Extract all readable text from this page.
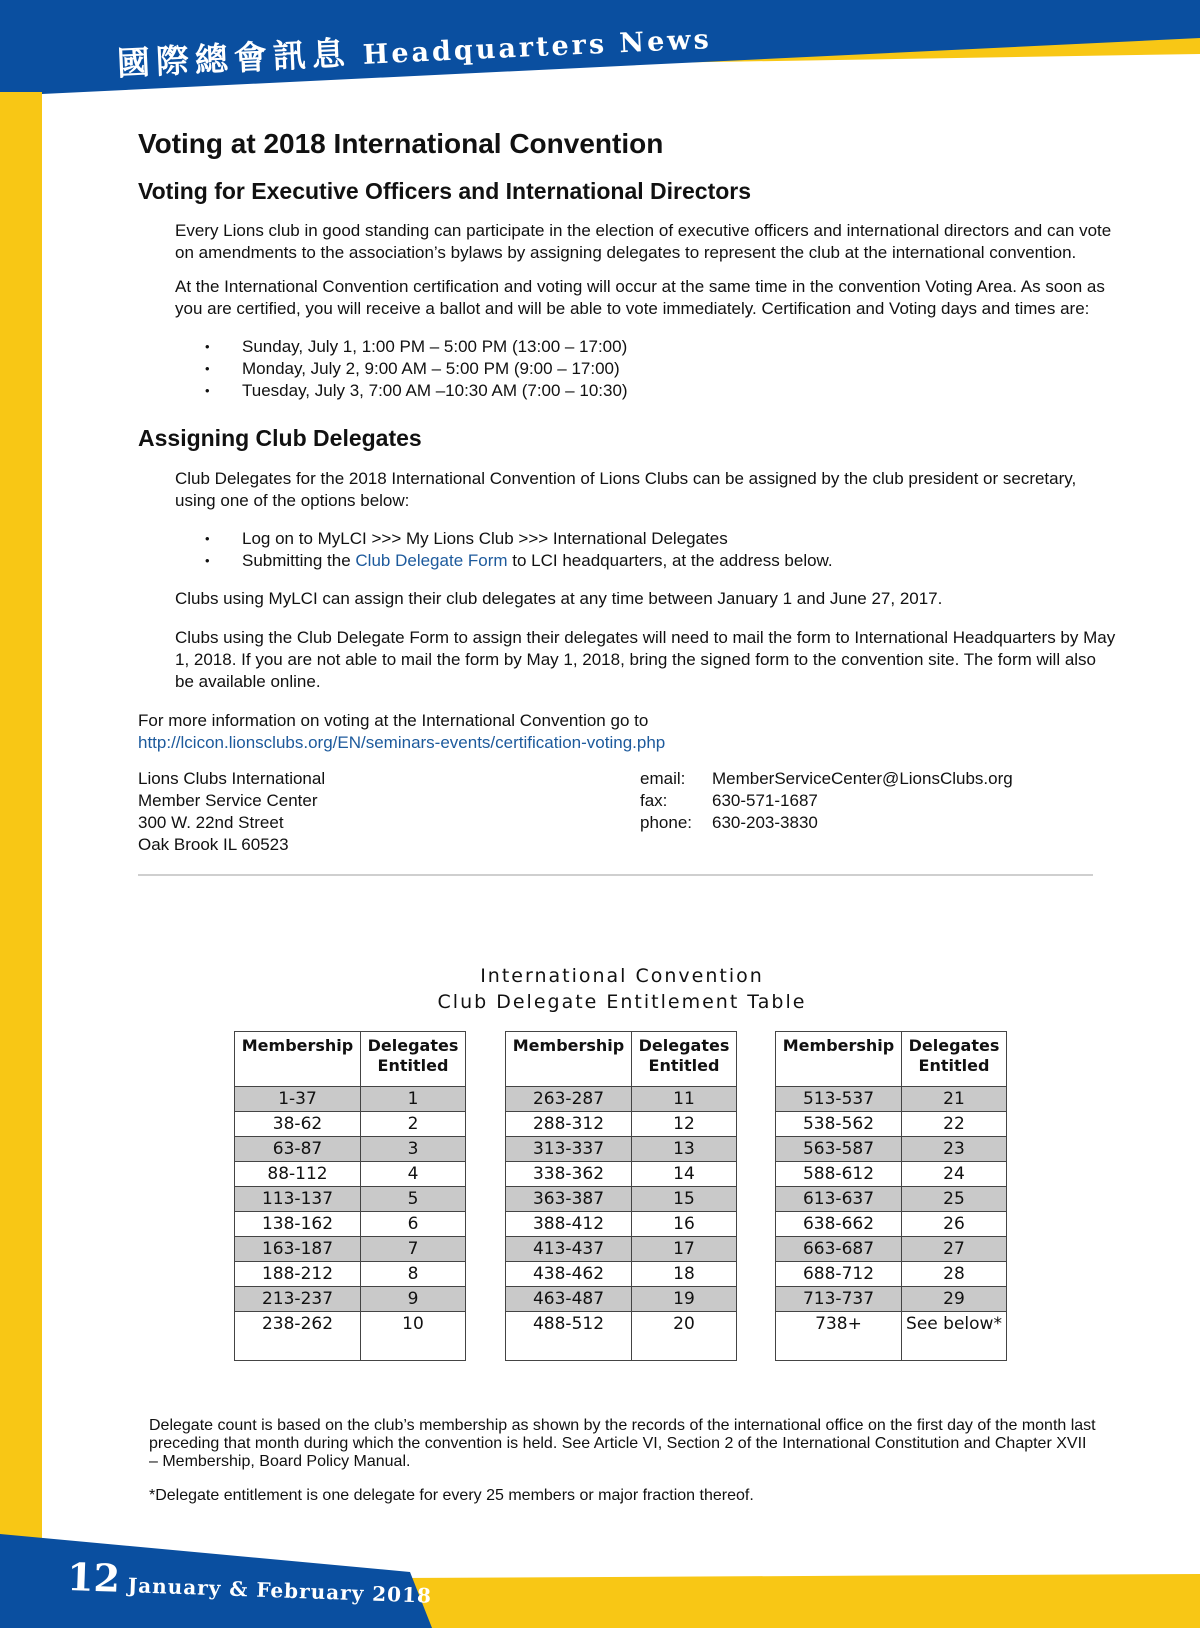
國際總會訊息 Headquarters News
Voting at 2018 International Convention
Voting for Executive Officers and International Directors

Every Lions club in good standing can participate in the election of executive officers and international directors and can vote on amendments to the association’s bylaws by assigning delegates to represent the club at the international convention.

At the International Convention certification and voting will occur at the same time in the convention Voting Area. As soon as you are certified, you will receive a ballot and will be able to vote immediately. Certification and Voting days and times are:

• Sunday, July 1, 1:00 PM – 5:00 PM (13:00 – 17:00)
• Monday, July 2, 9:00 AM – 5:00 PM (9:00 – 17:00)
• Tuesday, July 3, 7:00 AM –10:30 AM (7:00 – 10:30)
Assigning Club Delegates

Club Delegates for the 2018 International Convention of Lions Clubs can be assigned by the club president or secretary, using one of the options below:

• Log on to MyLCI >>> My Lions Club >>> International Delegates
• Submitting the Club Delegate Form to LCI headquarters, at the address below.

Clubs using MyLCI can assign their club delegates at any time between January 1 and June 27, 2017.

Clubs using the Club Delegate Form to assign their delegates will need to mail the form to International Headquarters by May 1, 2018. If you are not able to mail the form by May 1, 2018, bring the signed form to the convention site. The form will also be available online.

For more information on voting at the International Convention go to

http://lcicon.lionsclubs.org/EN/seminars-events/certification-voting.php

Lions Clubs International

Member Service Center

300 W. 22nd Street

Oak Brook IL 60523

email: MemberServiceCenter@LionsClubs.org

fax:	630-571-1687

phone: 630-203-3830

International Convention
Club Delegate Entitlement Table
Membership	Delegates
Entitled
1-37	1
38-62	2
63-87	3
88-112	4
113-137	5
138-162	6
163-187	7
188-212	8
213-237	9
238-262	10
Membership	Delegates
Entitled
263-287	11
288-312	12
313-337	13
338-362	14
363-387	15
388-412	16
413-437	17
438-462	18
463-487	19
488-512	20
Membership	Delegates
Entitled
513-537	21
538-562	22
563-587	23
588-612	24
613-637	25
638-662	26
663-687	27
688-712	28
713-737	29
738+	See below*

Delegate count is based on the club’s membership as shown by the records of the international office on the first day of the month last preceding that month during which the convention is held. See Article VI, Section 2 of the International Constitution and Chapter XVII – Membership, Board Policy Manual.

*Delegate entitlement is one delegate for every 25 members or major fraction thereof.

12 January & February 2018
